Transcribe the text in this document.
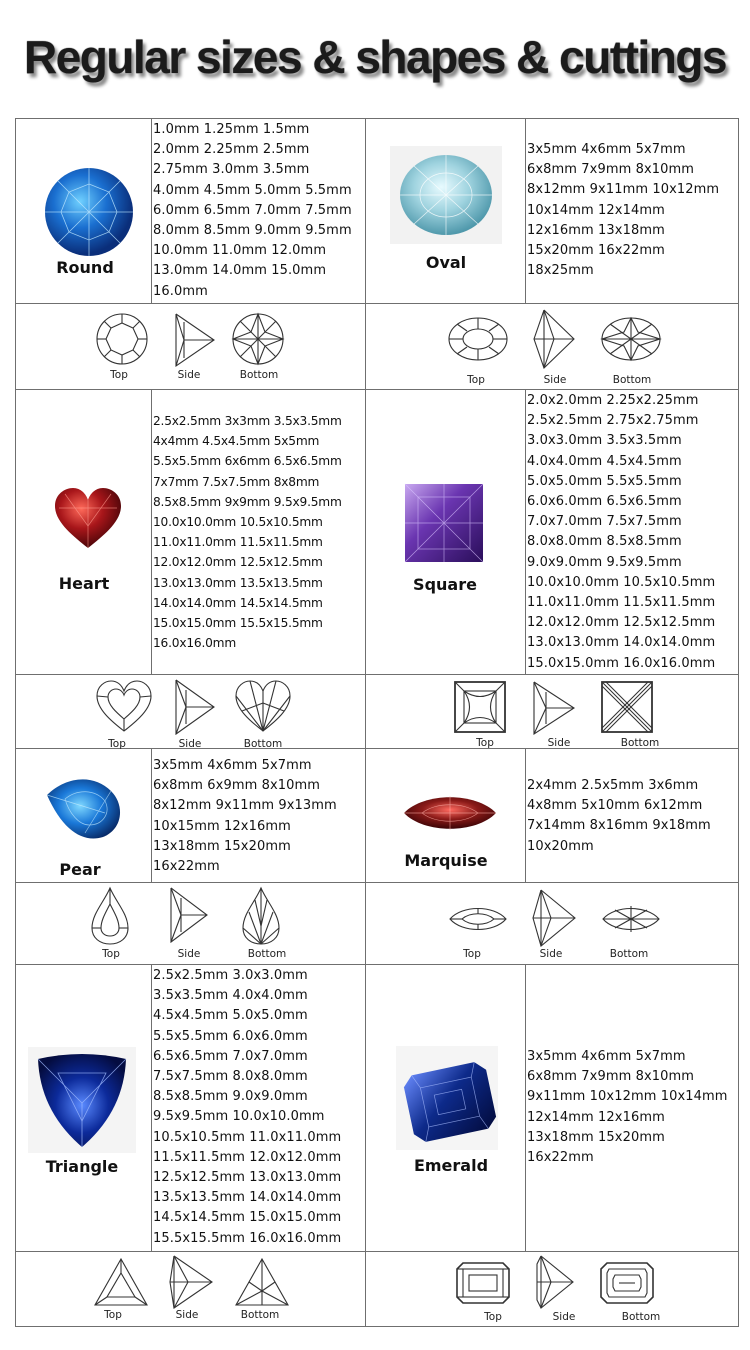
Regular sizes & shapes & cuttings
Round
1.0mm 1.25mm 1.5mm
2.0mm 2.25mm 2.5mm
2.75mm 3.0mm 3.5mm
4.0mm 4.5mm 5.0mm 5.5mm
6.0mm 6.5mm 7.0mm 7.5mm
8.0mm 8.5mm 9.0mm 9.5mm
10.0mm 11.0mm 12.0mm
13.0mm 14.0mm 15.0mm
16.0mm
Top	Side	Bottom
Oval
3x5mm 4x6mm 5x7mm
6x8mm 7x9mm 8x10mm
8x12mm 9x11mm 10x12mm
10x14mm 12x14mm
12x16mm 13x18mm
15x20mm 16x22mm
18x25mm
Top	Side	Bottom
Heart
2.5x2.5mm 3x3mm 3.5x3.5mm
4x4mm 4.5x4.5mm 5x5mm
5.5x5.5mm 6x6mm 6.5x6.5mm
7x7mm 7.5x7.5mm 8x8mm
8.5x8.5mm 9x9mm 9.5x9.5mm
10.0x10.0mm 10.5x10.5mm
11.0x11.0mm 11.5x11.5mm
12.0x12.0mm 12.5x12.5mm
13.0x13.0mm 13.5x13.5mm
14.0x14.0mm 14.5x14.5mm
15.0x15.0mm 15.5x15.5mm
16.0x16.0mm
Top	Side	Bottom
Square
2.0x2.0mm 2.25x2.25mm
2.5x2.5mm 2.75x2.75mm
3.0x3.0mm 3.5x3.5mm
4.0x4.0mm 4.5x4.5mm
5.0x5.0mm 5.5x5.5mm
6.0x6.0mm 6.5x6.5mm
7.0x7.0mm 7.5x7.5mm
8.0x8.0mm 8.5x8.5mm
9.0x9.0mm 9.5x9.5mm
10.0x10.0mm 10.5x10.5mm
11.0x11.0mm 11.5x11.5mm
12.0x12.0mm 12.5x12.5mm
13.0x13.0mm 14.0x14.0mm
15.0x15.0mm 16.0x16.0mm
Top	Side	Bottom
Pear
3x5mm 4x6mm 5x7mm
6x8mm 6x9mm 8x10mm
8x12mm 9x11mm 9x13mm
10x15mm 12x16mm
13x18mm 15x20mm
16x22mm
Top	Side	Bottom
Marquise
2x4mm 2.5x5mm 3x6mm
4x8mm 5x10mm 6x12mm
7x14mm 8x16mm 9x18mm
10x20mm
Top	Side	Bottom
Triangle
2.5x2.5mm 3.0x3.0mm
3.5x3.5mm 4.0x4.0mm
4.5x4.5mm 5.0x5.0mm
5.5x5.5mm 6.0x6.0mm
6.5x6.5mm 7.0x7.0mm
7.5x7.5mm 8.0x8.0mm
8.5x8.5mm 9.0x9.0mm
9.5x9.5mm 10.0x10.0mm
10.5x10.5mm 11.0x11.0mm
11.5x11.5mm 12.0x12.0mm
12.5x12.5mm 13.0x13.0mm
13.5x13.5mm 14.0x14.0mm
14.5x14.5mm 15.0x15.0mm
15.5x15.5mm 16.0x16.0mm
Top	Side	Bottom
Emerald
3x5mm 4x6mm 5x7mm
6x8mm 7x9mm 8x10mm
9x11mm 10x12mm 10x14mm
12x14mm 12x16mm
13x18mm 15x20mm
16x22mm
Top	Side	Bottom
